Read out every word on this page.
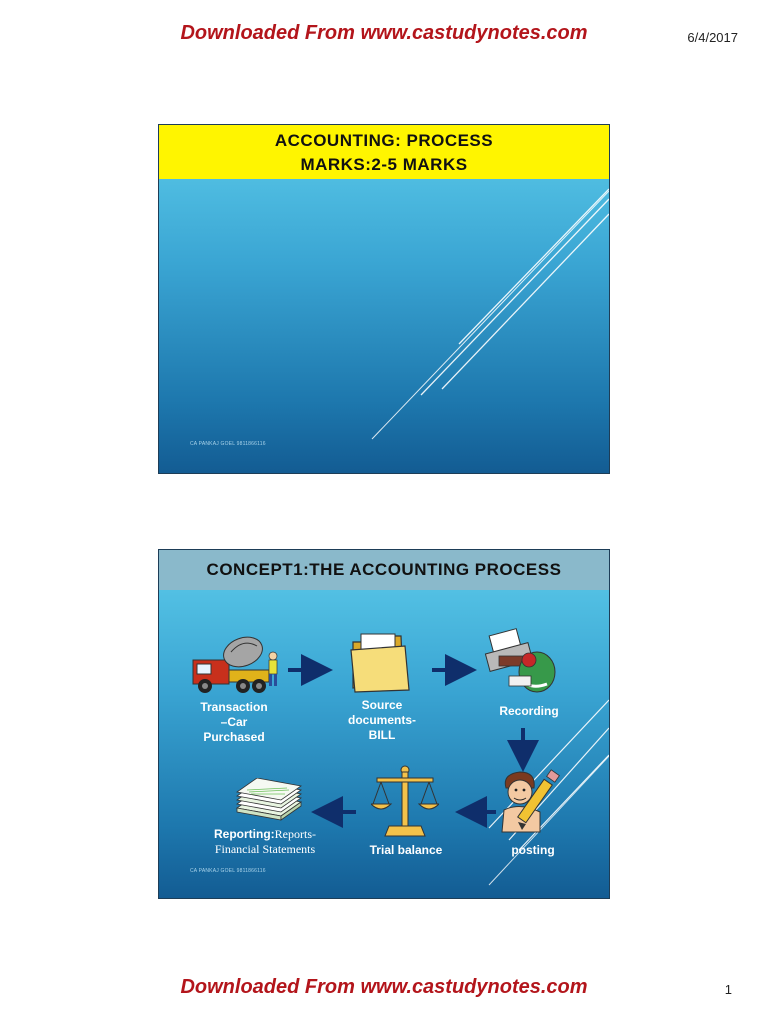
Downloaded From www.castudynotes.com	6/4/2017
ACCOUNTING: PROCESS
MARKS:2-5 MARKS
CA PANKAJ GOEL 9811866116
CONCEPT1:THE ACCOUNTING PROCESS
Transaction
–Car
Purchased
Source
documents-
BILL
Recording
posting
Trial balance
Reporting:Reports-
Financial Statements
CA PANKAJ GOEL 9811866116
Downloaded From www.castudynotes.com	1
